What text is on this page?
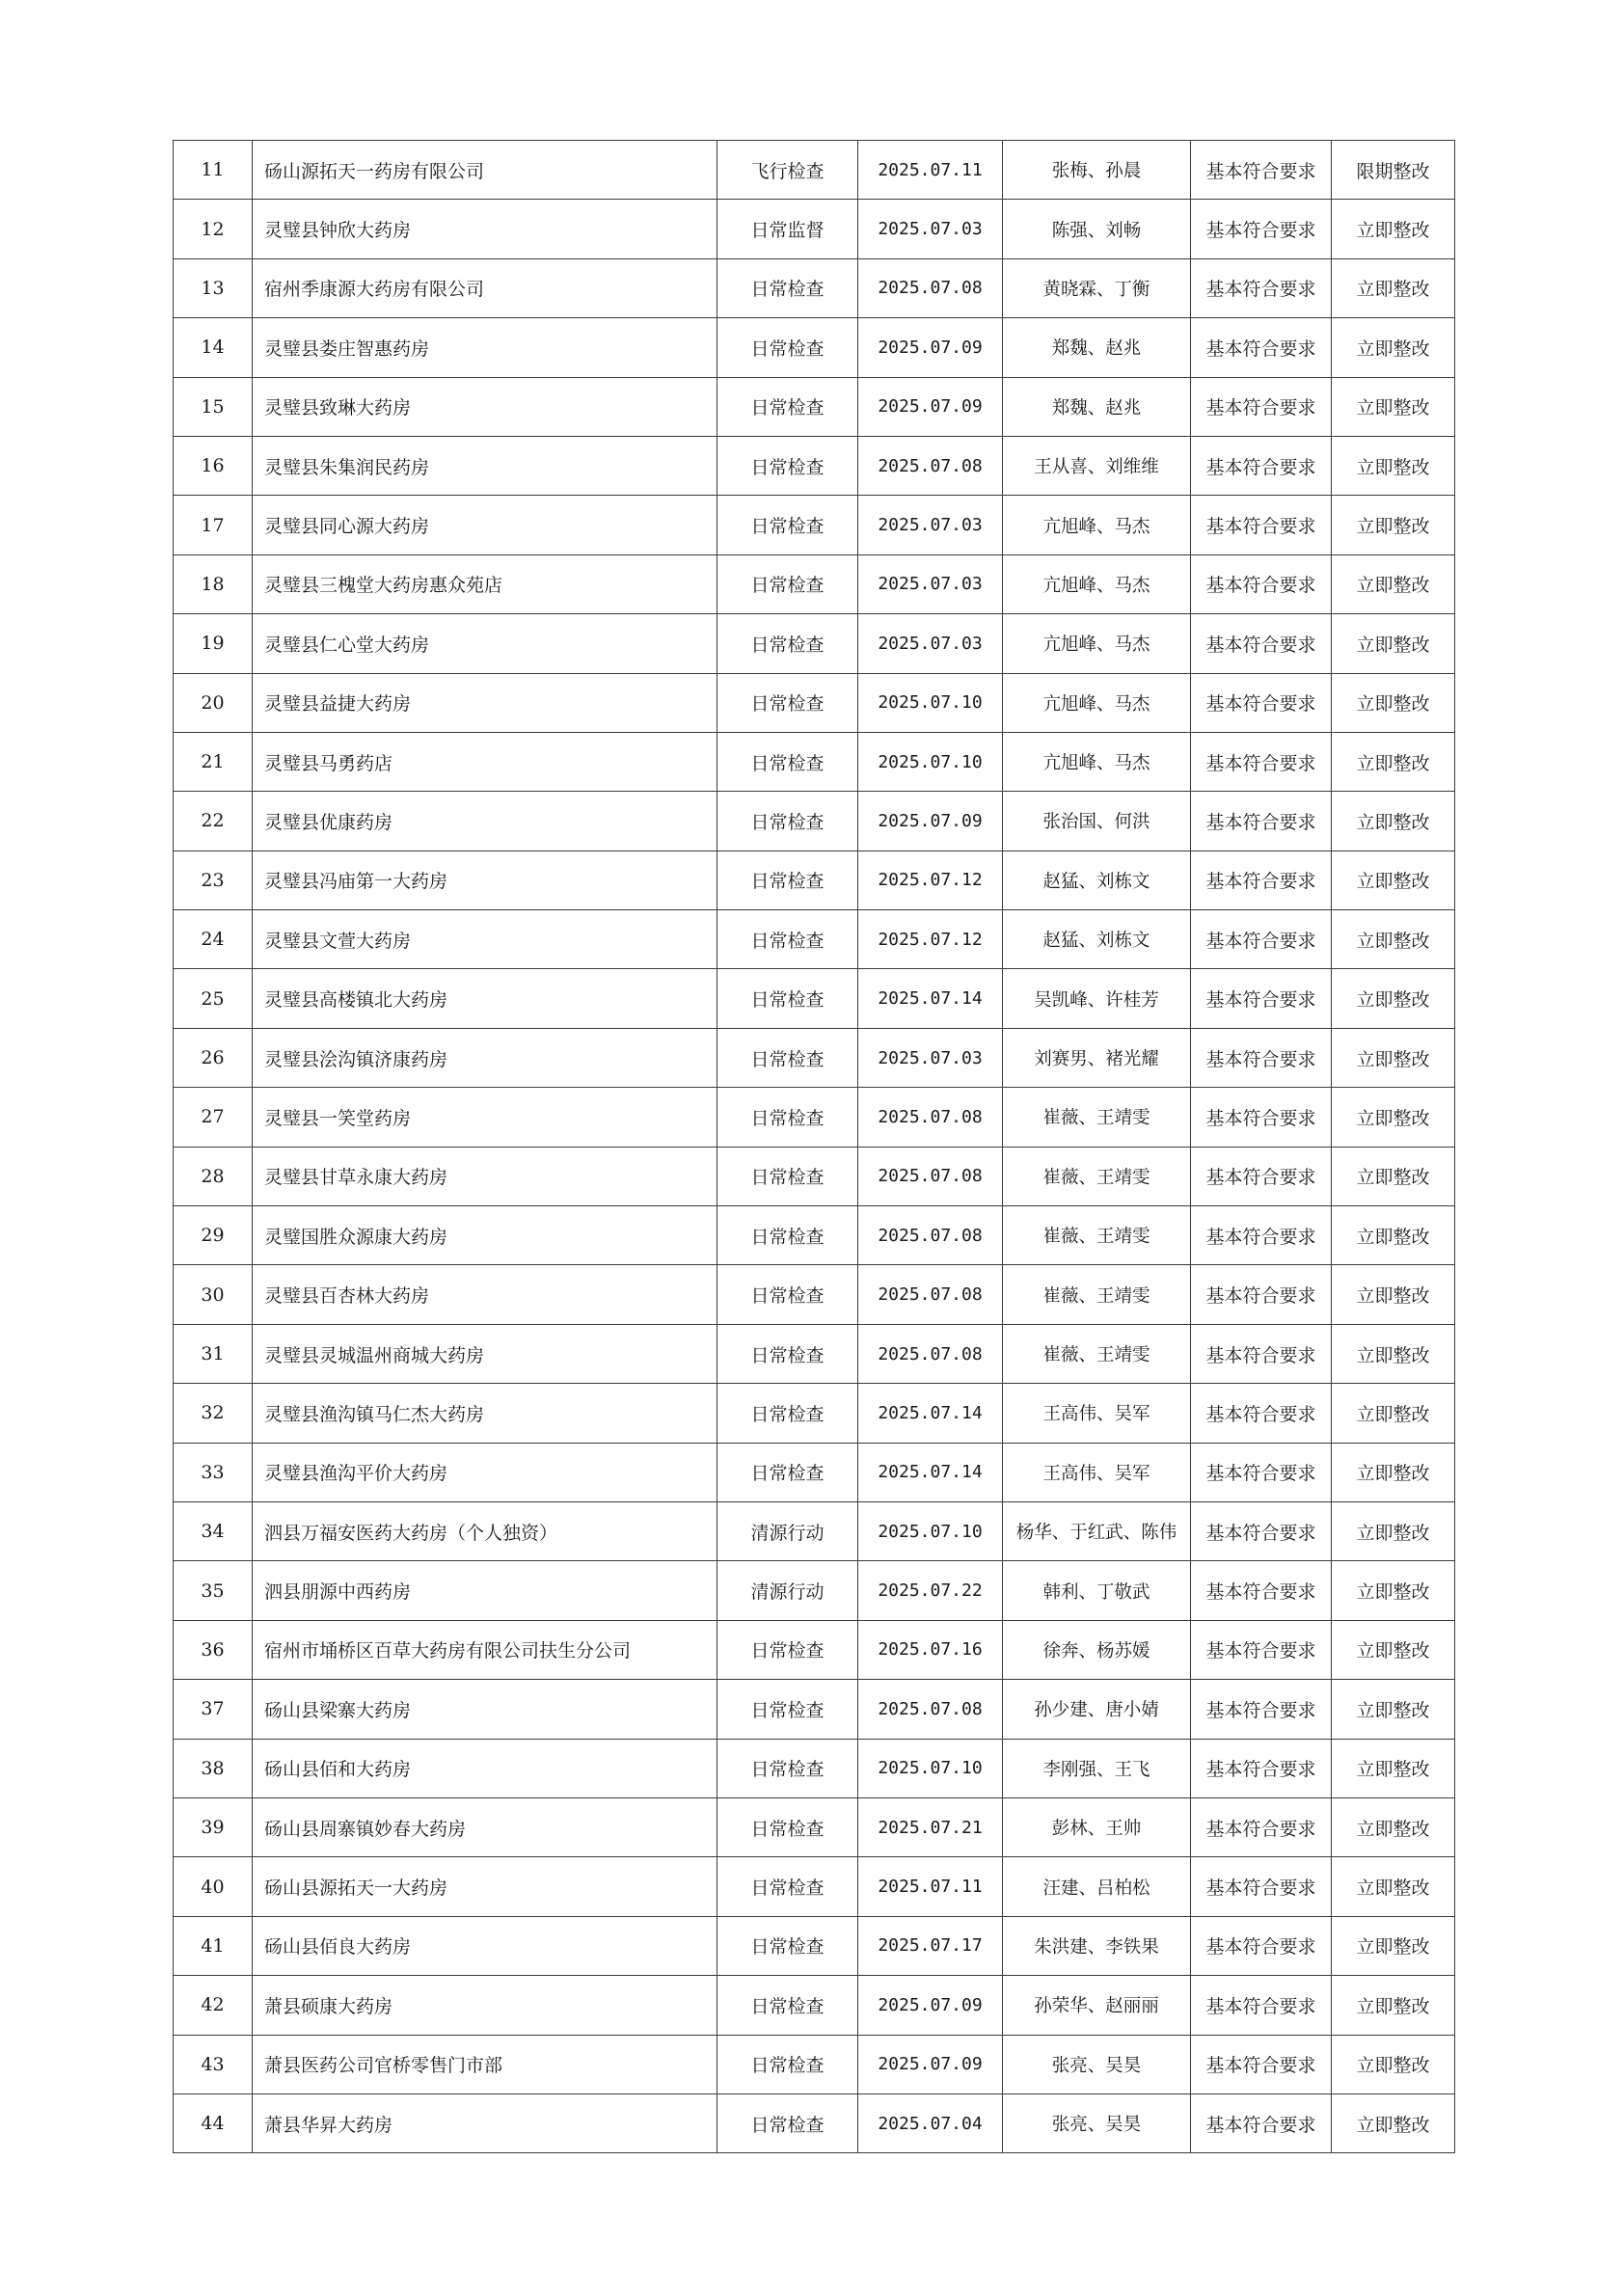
11	砀山源拓天一药房有限公司	飞行检查	2025.07.11	张梅、孙晨	基本符合要求	限期整改
12	灵璧县钟欣大药房	日常监督	2025.07.03	陈强、刘畅	基本符合要求	立即整改
13	宿州季康源大药房有限公司	日常检查	2025.07.08	黄晓霖、丁衡	基本符合要求	立即整改
14	灵璧县娄庄智惠药房	日常检查	2025.07.09	郑魏、赵兆	基本符合要求	立即整改
15	灵璧县致琳大药房	日常检查	2025.07.09	郑魏、赵兆	基本符合要求	立即整改
16	灵璧县朱集润民药房	日常检查	2025.07.08	王从喜、刘维维	基本符合要求	立即整改
17	灵璧县同心源大药房	日常检查	2025.07.03	亢旭峰、马杰	基本符合要求	立即整改
18	灵璧县三槐堂大药房惠众苑店	日常检查	2025.07.03	亢旭峰、马杰	基本符合要求	立即整改
19	灵璧县仁心堂大药房	日常检查	2025.07.03	亢旭峰、马杰	基本符合要求	立即整改
20	灵璧县益捷大药房	日常检查	2025.07.10	亢旭峰、马杰	基本符合要求	立即整改
21	灵璧县马勇药店	日常检查	2025.07.10	亢旭峰、马杰	基本符合要求	立即整改
22	灵璧县优康药房	日常检查	2025.07.09	张治国、何洪	基本符合要求	立即整改
23	灵璧县冯庙第一大药房	日常检查	2025.07.12	赵猛、刘栋文	基本符合要求	立即整改
24	灵璧县文萱大药房	日常检查	2025.07.12	赵猛、刘栋文	基本符合要求	立即整改
25	灵璧县高楼镇北大药房	日常检查	2025.07.14	吴凯峰、许桂芳	基本符合要求	立即整改
26	灵璧县浍沟镇济康药房	日常检查	2025.07.03	刘赛男、褚光耀	基本符合要求	立即整改
27	灵璧县一笑堂药房	日常检查	2025.07.08	崔薇、王靖雯	基本符合要求	立即整改
28	灵璧县甘草永康大药房	日常检查	2025.07.08	崔薇、王靖雯	基本符合要求	立即整改
29	灵璧国胜众源康大药房	日常检查	2025.07.08	崔薇、王靖雯	基本符合要求	立即整改
30	灵璧县百杏林大药房	日常检查	2025.07.08	崔薇、王靖雯	基本符合要求	立即整改
31	灵璧县灵城温州商城大药房	日常检查	2025.07.08	崔薇、王靖雯	基本符合要求	立即整改
32	灵璧县渔沟镇马仁杰大药房	日常检查	2025.07.14	王高伟、吴军	基本符合要求	立即整改
33	灵璧县渔沟平价大药房	日常检查	2025.07.14	王高伟、吴军	基本符合要求	立即整改
34	泗县万福安医药大药房（个人独资）	清源行动	2025.07.10	杨华、于红武、陈伟	基本符合要求	立即整改
35	泗县朋源中西药房	清源行动	2025.07.22	韩利、丁敬武	基本符合要求	立即整改
36	宿州市埇桥区百草大药房有限公司扶生分公司	日常检查	2025.07.16	徐奔、杨苏媛	基本符合要求	立即整改
37	砀山县梁寨大药房	日常检查	2025.07.08	孙少建、唐小婧	基本符合要求	立即整改
38	砀山县佰和大药房	日常检查	2025.07.10	李刚强、王飞	基本符合要求	立即整改
39	砀山县周寨镇妙春大药房	日常检查	2025.07.21	彭林、王帅	基本符合要求	立即整改
40	砀山县源拓天一大药房	日常检查	2025.07.11	汪建、吕柏松	基本符合要求	立即整改
41	砀山县佰良大药房	日常检查	2025.07.17	朱洪建、李铁果	基本符合要求	立即整改
42	萧县硕康大药房	日常检查	2025.07.09	孙荣华、赵丽丽	基本符合要求	立即整改
43	萧县医药公司官桥零售门市部	日常检查	2025.07.09	张亮、吴昊	基本符合要求	立即整改
44	萧县华昇大药房	日常检查	2025.07.04	张亮、吴昊	基本符合要求	立即整改
